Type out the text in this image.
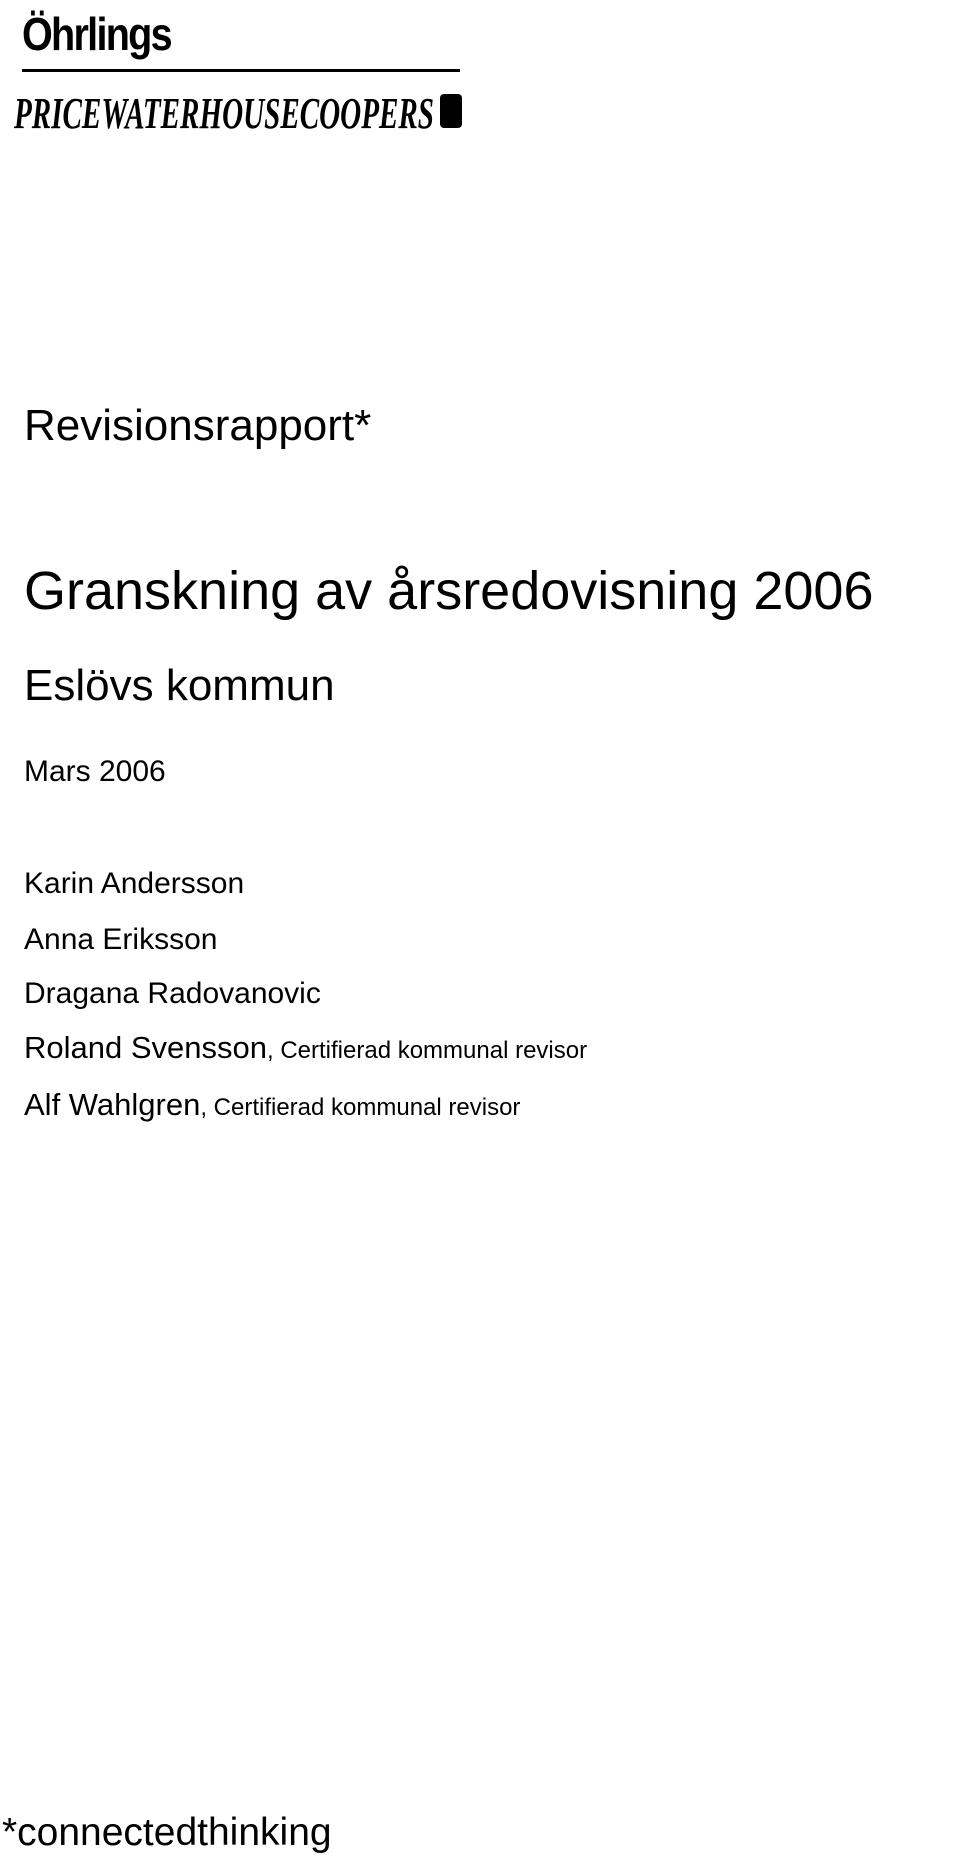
Öhrlings
PRICEWATERHOUSECOOPERS
Revisionsrapport*
Granskning av årsredovisning 2006
Eslövs kommun
Mars 2006
Karin Andersson
Anna Eriksson
Dragana Radovanovic
Roland Svensson, Certifierad kommunal revisor
Alf Wahlgren, Certifierad kommunal revisor
*connectedthinking
